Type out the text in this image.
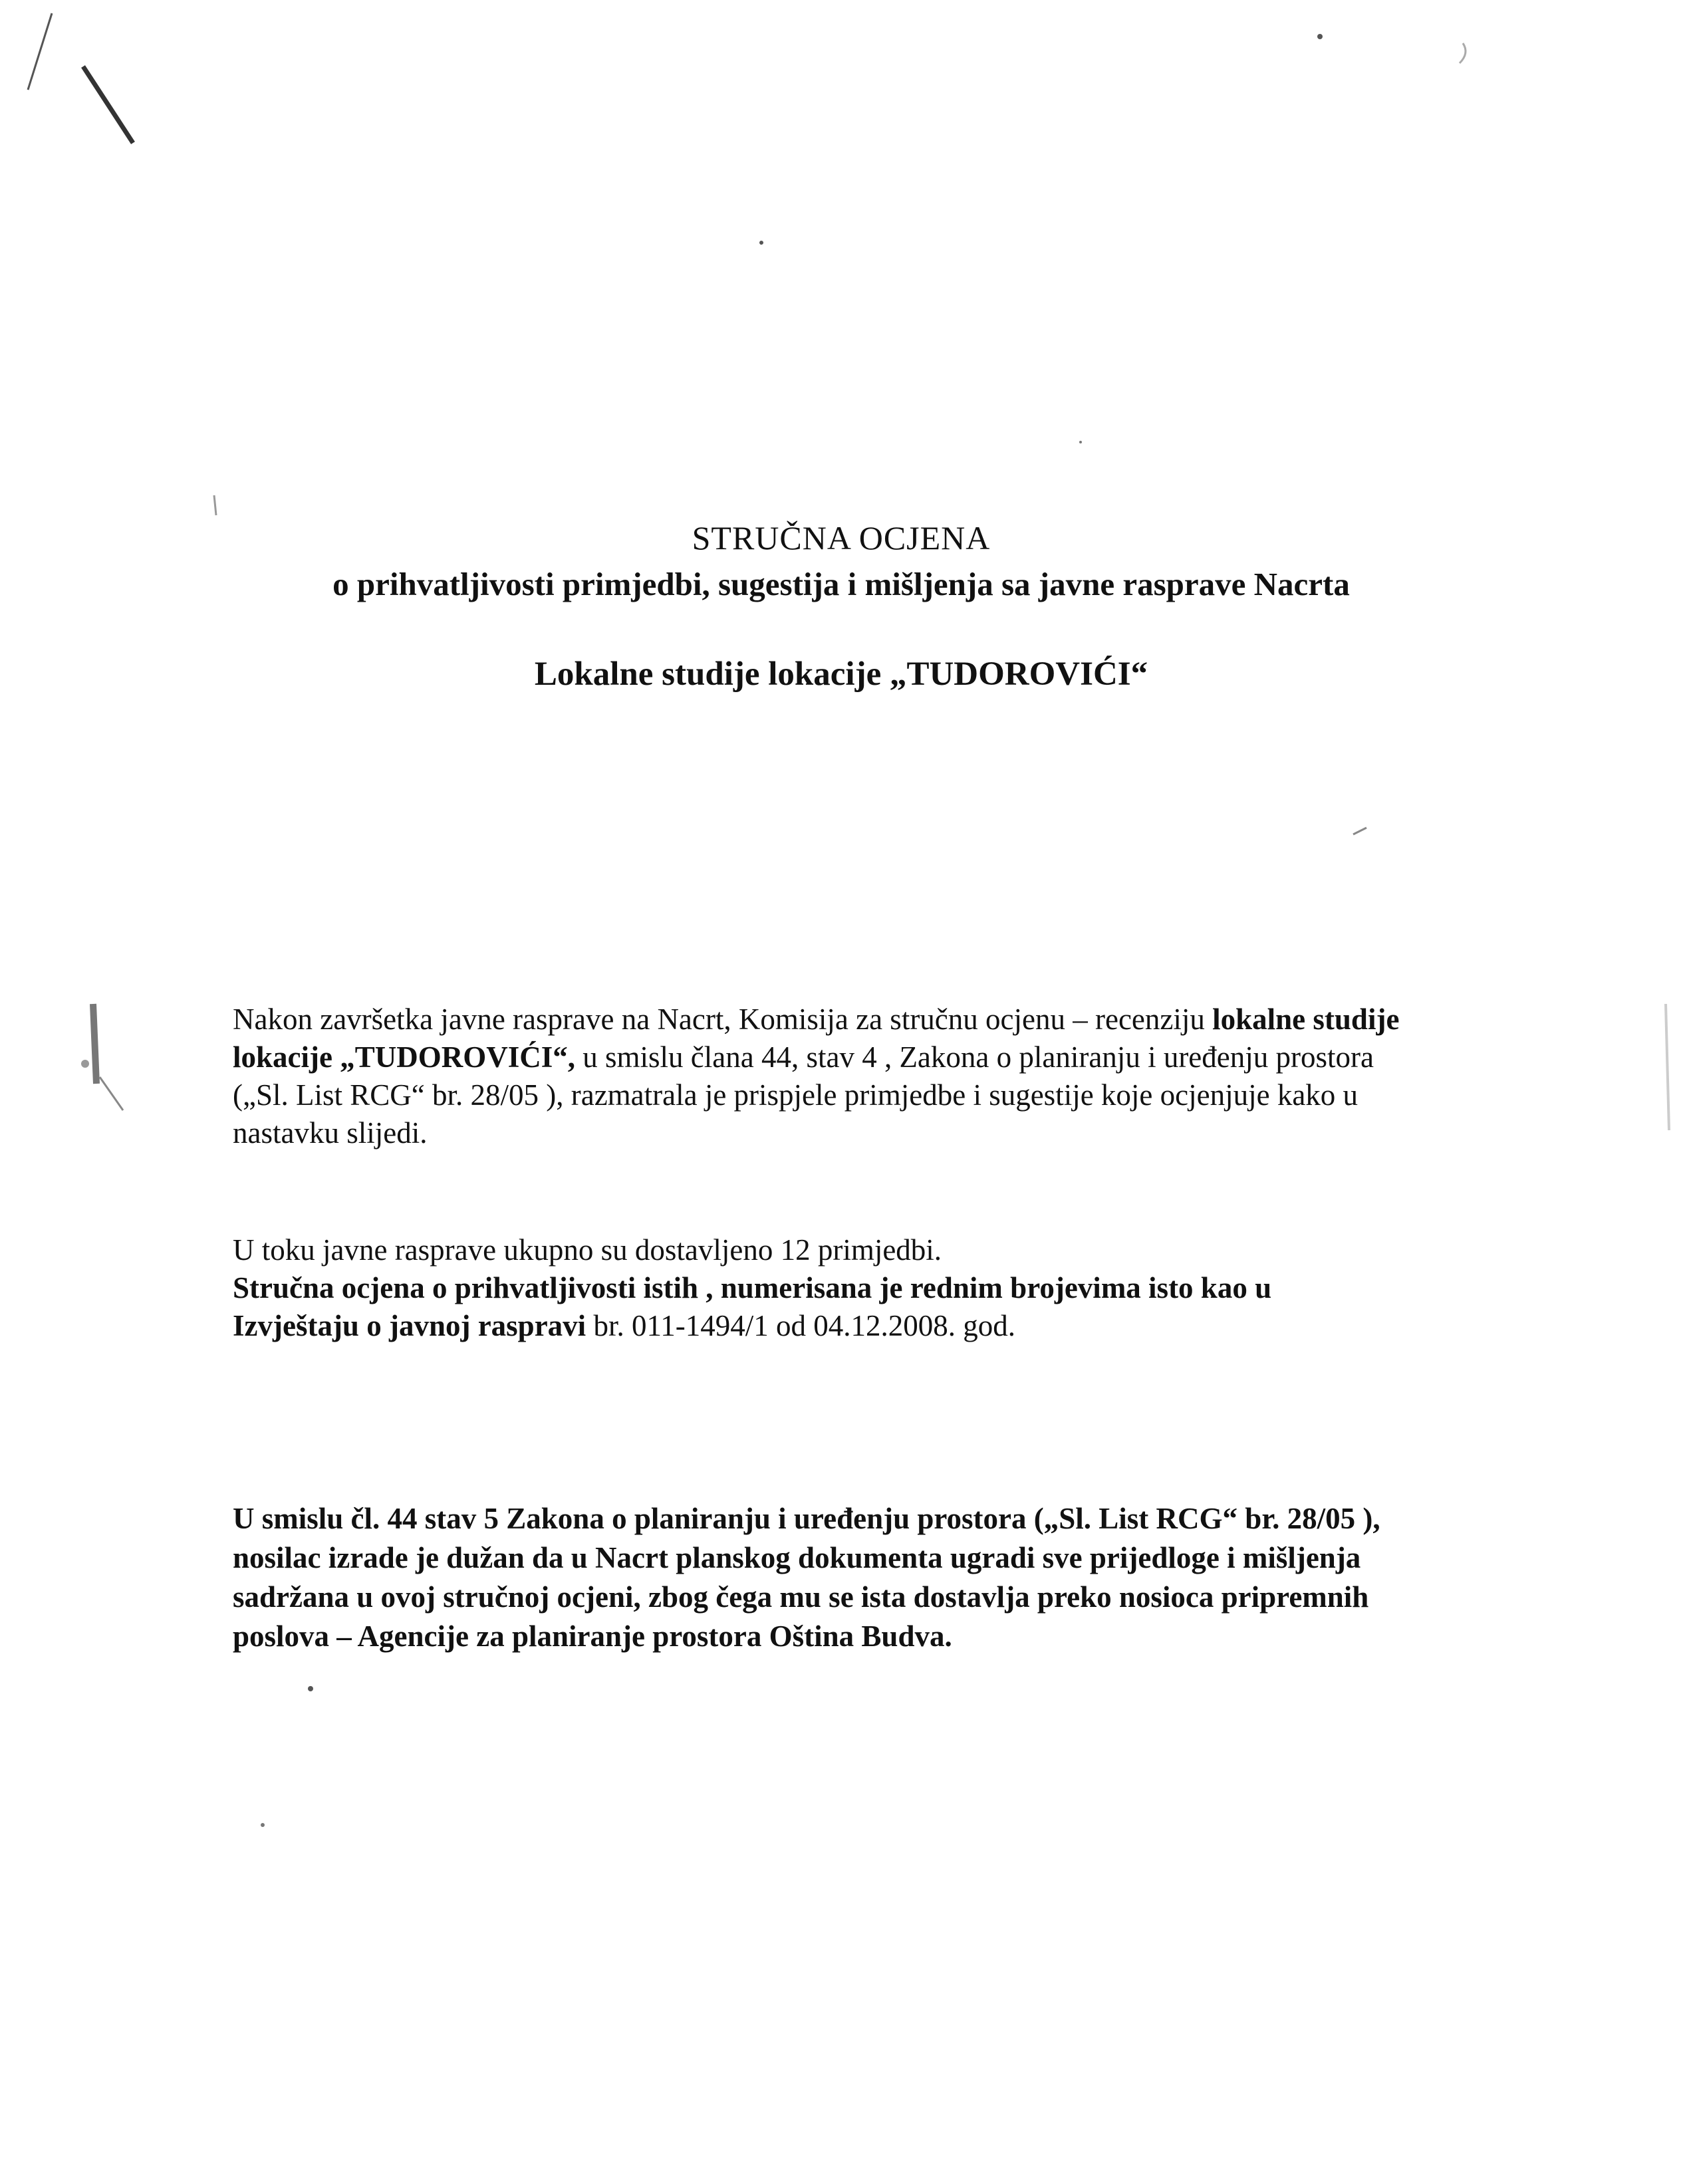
STRUČNA OCJENA
o prihvatljivosti primjedbi, sugestija i mišljenja sa javne rasprave Nacrta
Lokalne studije lokacije „TUDOROVIĆI“
Nakon završetka javne rasprave na Nacrt, Komisija za stručnu ocjenu – recenziju lokalne studije
lokacije „TUDOROVIĆI“, u smislu člana 44, stav 4 , Zakona o planiranju i uređenju prostora
(„Sl. List RCG“ br. 28/05 ), razmatrala je prispjele primjedbe i sugestije koje ocjenjuje kako u
nastavku slijedi.
U toku javne rasprave ukupno su dostavljeno 12 primjedbi.
Stručna ocjena o prihvatljivosti istih , numerisana je rednim brojevima isto kao u
Izvještaju o javnoj raspravi br. 011-1494/1 od 04.12.2008. god.
U smislu čl. 44 stav 5 Zakona o planiranju i uređenju prostora („Sl. List RCG“ br. 28/05 ),
nosilac izrade je dužan da u Nacrt planskog dokumenta ugradi sve prijedloge i mišljenja
sadržana u ovoj stručnoj ocjeni, zbog čega mu se ista dostavlja preko nosioca pripremnih
poslova – Agencije za planiranje prostora Oština Budva.
